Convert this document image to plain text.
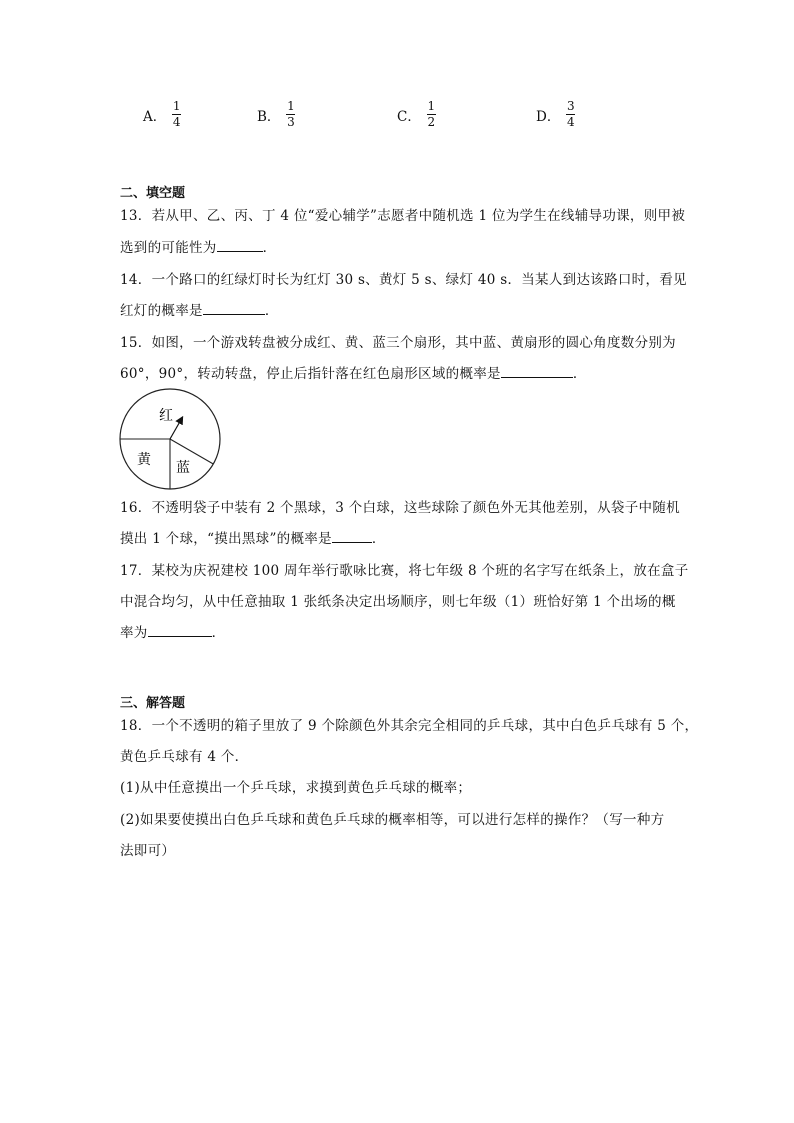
A． $\frac{1}{4}$	B． $\frac{1}{3}$	C． $\frac{1}{2}$	D． $\frac{3}{4}$
二、填空题
13．若从甲、乙、丙、丁 4 位“爱心辅学”志愿者中随机选 1 位为学生在线辅导功课，则甲被
选到的可能性为	．
14．一个路口的红绿灯时长为红灯 30 s、黄灯 5 s、绿灯 40 s．当某人到达该路口时，看见
红灯的概率是	．
15．如图，一个游戏转盘被分成红、黄、蓝三个扇形，其中蓝、黄扇形的圆心角度数分别为
60°，90°，转动转盘，停止后指针落在红色扇形区域的概率是	．
红
黄 蓝
16．不透明袋子中装有 2 个黑球，3 个白球，这些球除了颜色外无其他差别，从袋子中随机
摸出 1 个球，“摸出黑球”的概率是	．
17．某校为庆祝建校 100 周年举行歌咏比赛，将七年级 8 个班的名字写在纸条上，放在盒子
中混合均匀，从中任意抽取 1 张纸条决定出场顺序，则七年级（1）班恰好第 1 个出场的概
率为	．
三、解答题
18．一个不透明的箱子里放了 9 个除颜色外其余完全相同的乒乓球，其中白色乒乓球有 5 个，
黄色乒乓球有 4 个．
(1)从中任意摸出一个乒乓球，求摸到黄色乒乓球的概率；
(2)如果要使摸出白色乒乓球和黄色乒乓球的概率相等，可以进行怎样的操作？（写一种方
法即可）
